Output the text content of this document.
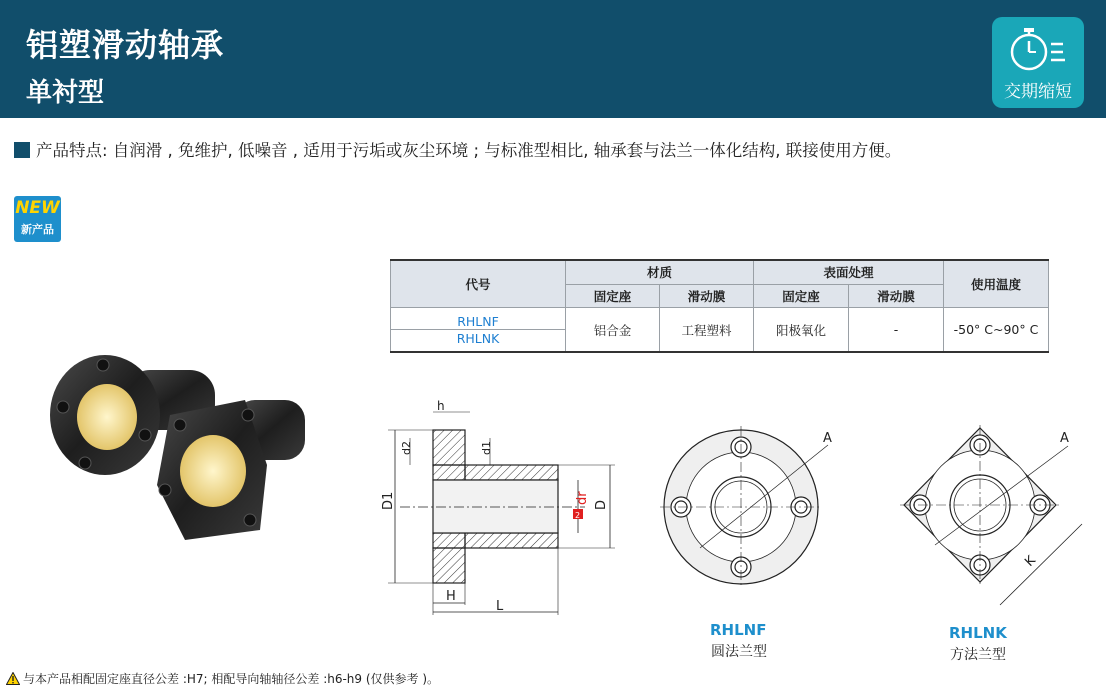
铝塑滑动轴承
单衬型	交期缩短
产品特点: 自润滑 , 免维护, 低噪音 , 适用于污垢或灰尘环境 ; 与标准型相比, 轴承套与法兰一体化结构, 联接使用方便。
NEW
新产品
代号	材质		表面处理		使用温度
	固定座	滑动膜	固定座	滑动膜	

RHLNF
RHLNK	铝合金	工程塑料	阳极氧化	-	-50° C~90° C
h
D1
d2	d1
2
dr D
H
L
A	A
K
RHLNF
圆法兰型
RHLNK
方法兰型
与本产品相配固定座直径公差 :H7; 相配导向轴轴径公差 :h6-h9 (仅供参考 )。
